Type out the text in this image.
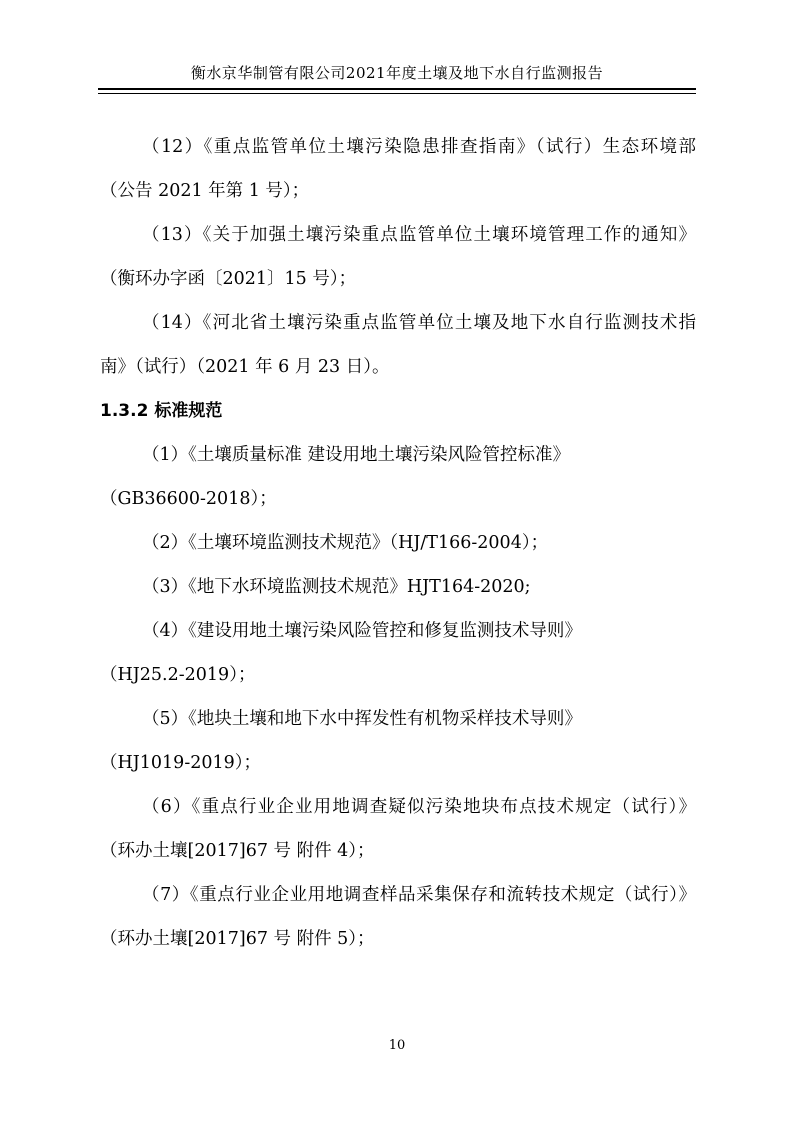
衡水京华制管有限公司2021年度土壤及地下水自行监测报告
（12）《重点监管单位土壤污染隐患排查指南》（试行）生态环境部
（公告 2021 年第 1 号）；
（13）《关于加强土壤污染重点监管单位土壤环境管理工作的通知》
（衡环办字函〔2021〕15 号）；
（14）《河北省土壤污染重点监管单位土壤及地下水自行监测技术指
南》（试行）（2021 年 6 月 23 日）。
1.3.2 标准规范
（1）《土壤质量标准 建设用地土壤污染风险管控标准》
（GB36600-2018）；
（2）《土壤环境监测技术规范》（HJ/T166-2004）；
（3）《地下水环境监测技术规范》HJT164-2020;
（4）《建设用地土壤污染风险管控和修复监测技术导则》
（HJ25.2-2019）；
（5）《地块土壤和地下水中挥发性有机物采样技术导则》
（HJ1019-2019）；
（6）《重点行业企业用地调查疑似污染地块布点技术规定（试行）》
（环办土壤[2017]67 号 附件 4）；
（7）《重点行业企业用地调查样品采集保存和流转技术规定（试行）》
（环办土壤[2017]67 号 附件 5）；
10
